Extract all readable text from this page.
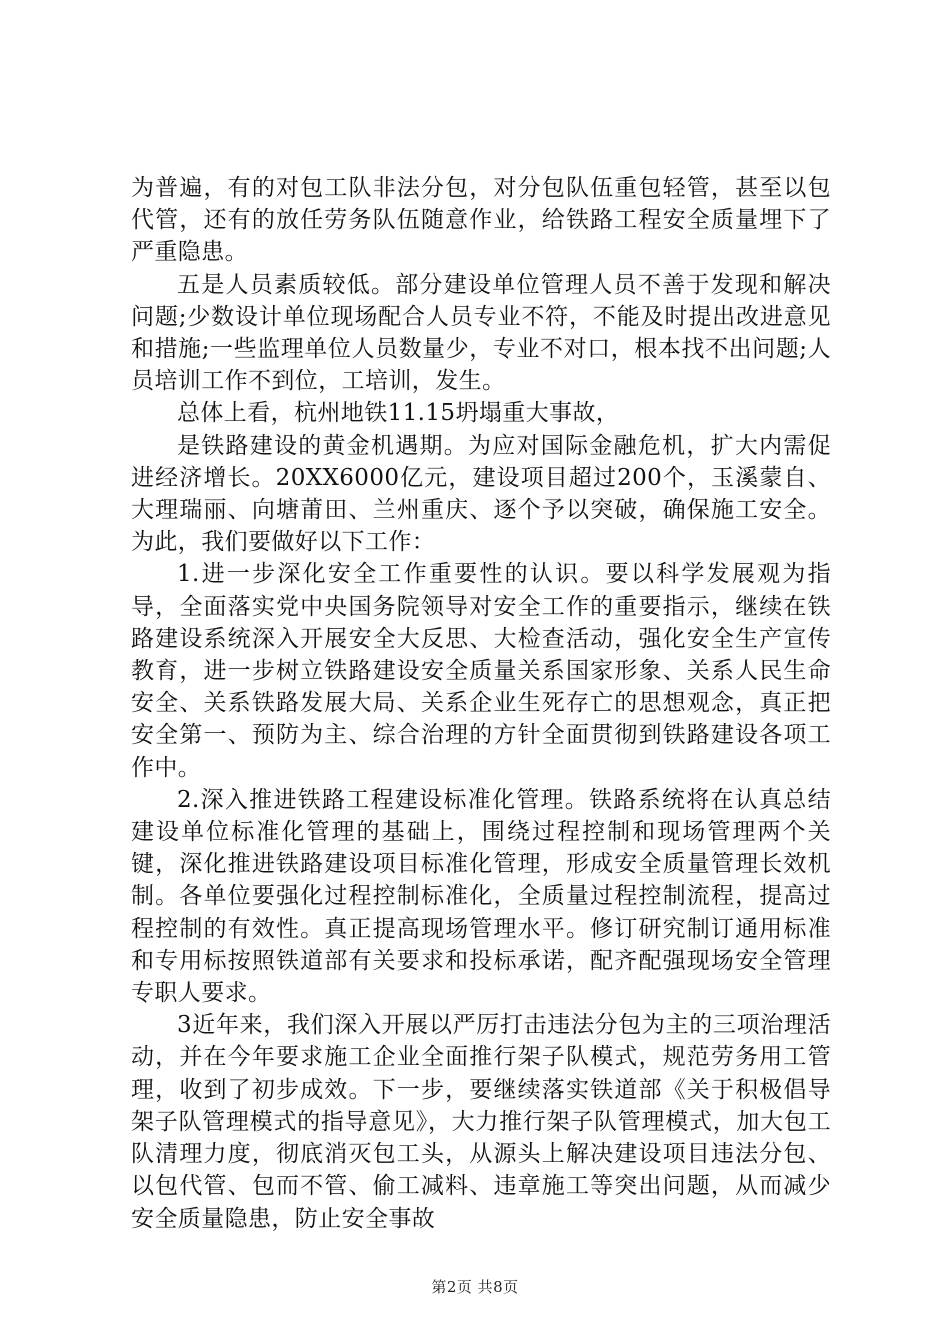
为普遍，有的对包工队非法分包，对分包队伍重包轻管，甚至以包代管，还有的放任劳务队伍随意作业，给铁路工程安全质量埋下了严重隐患。

五是人员素质较低。部分建设单位管理人员不善于发现和解决问题;少数设计单位现场配合人员专业不符，不能及时提出改进意见和措施;一些监理单位人员数量少，专业不对口，根本找不出问题;人员培训工作不到位，工培训，发生。

总体上看，杭州地铁11.15坍塌重大事故，

是铁路建设的黄金机遇期。为应对国际金融危机，扩大内需促进经济增长。20XX6000亿元，建设项目超过200个，玉溪蒙自、大理瑞丽、向塘莆田、兰州重庆、逐个予以突破，确保施工安全。为此，我们要做好以下工作：

1.进一步深化安全工作重要性的认识。要以科学发展观为指导，全面落实党中央国务院领导对安全工作的重要指示，继续在铁路建设系统深入开展安全大反思、大检查活动，强化安全生产宣传教育，进一步树立铁路建设安全质量关系国家形象、关系人民生命安全、关系铁路发展大局、关系企业生死存亡的思想观念，真正把安全第一、预防为主、综合治理的方针全面贯彻到铁路建设各项工作中。

2.深入推进铁路工程建设标准化管理。铁路系统将在认真总结建设单位标准化管理的基础上，围绕过程控制和现场管理两个关键，深化推进铁路建设项目标准化管理，形成安全质量管理长效机制。各单位要强化过程控制标准化，全质量过程控制流程，提高过程控制的有效性。真正提高现场管理水平。修订研究制订通用标准和专用标按照铁道部有关要求和投标承诺，配齐配强现场安全管理专职人要求。

3近年来，我们深入开展以严厉打击违法分包为主的三项治理活动，并在今年要求施工企业全面推行架子队模式，规范劳务用工管理，收到了初步成效。下一步，要继续落实铁道部《关于积极倡导架子队管理模式的指导意见》，大力推行架子队管理模式，加大包工队清理力度，彻底消灭包工头，从源头上解决建设项目违法分包、以包代管、包而不管、偷工减料、违章施工等突出问题，从而减少安全质量隐患，防止安全事故

第2页 共8页
